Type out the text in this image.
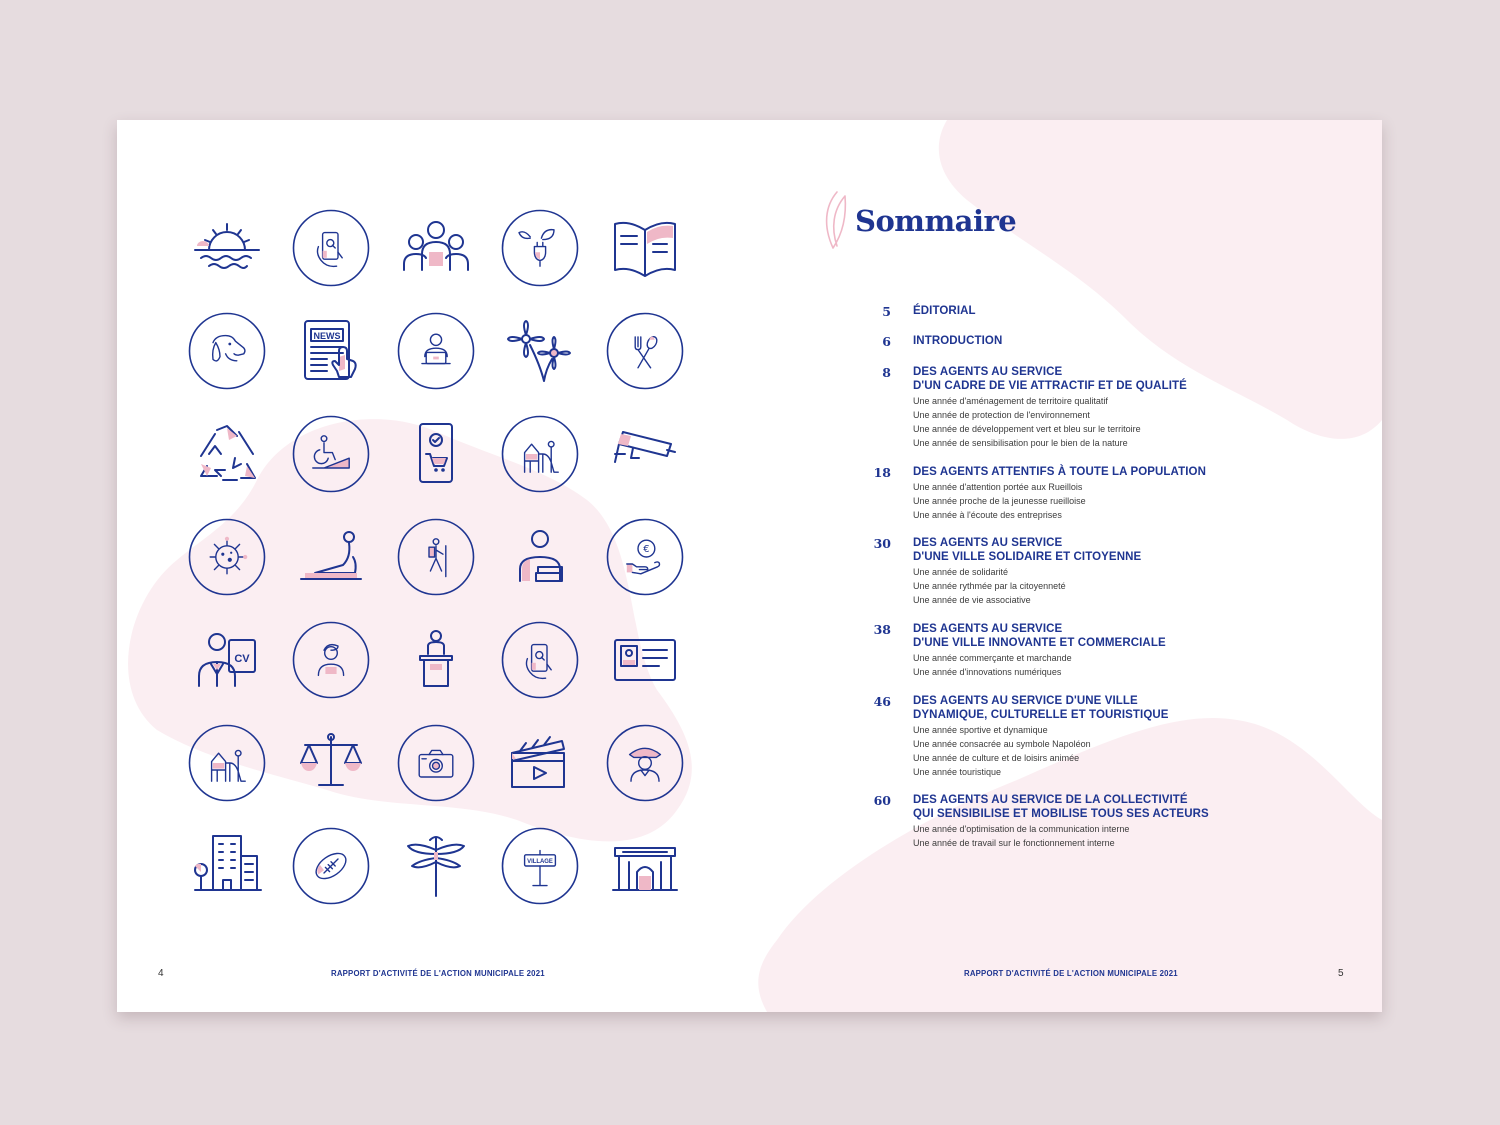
NEWS
€
CV
VILLAGE
Sommaire
5 ÉDITORIAL
6 INTRODUCTION
8 DES AGENTS AU SERVICE
D'UN CADRE DE VIE ATTRACTIF ET DE QUALITÉ
Une année d'aménagement de territoire qualitatif
Une année de protection de l'environnement
Une année de développement vert et bleu sur le territoire
Une année de sensibilisation pour le bien de la nature
18 DES AGENTS ATTENTIFS À TOUTE LA POPULATION
Une année d'attention portée aux Rueillois
Une année proche de la jeunesse rueilloise
Une année à l'écoute des entreprises
30 DES AGENTS AU SERVICE
D'UNE VILLE SOLIDAIRE ET CITOYENNE
Une année de solidarité
Une année rythmée par la citoyenneté
Une année de vie associative
38 DES AGENTS AU SERVICE
D'UNE VILLE INNOVANTE ET COMMERCIALE
Une année commerçante et marchande
Une année d'innovations numériques
46 DES AGENTS AU SERVICE D'UNE VILLE
DYNAMIQUE, CULTURELLE ET TOURISTIQUE
Une année sportive et dynamique
Une année consacrée au symbole Napoléon
Une année de culture et de loisirs animée
Une année touristique
60 DES AGENTS AU SERVICE DE LA COLLECTIVITÉ
QUI SENSIBILISE ET MOBILISE TOUS SES ACTEURS
Une année d'optimisation de la communication interne
Une année de travail sur le fonctionnement interne
4	RAPPORT D'ACTIVITÉ DE L'ACTION MUNICIPALE 2021	RAPPORT D'ACTIVITÉ DE L'ACTION MUNICIPALE 2021	5
